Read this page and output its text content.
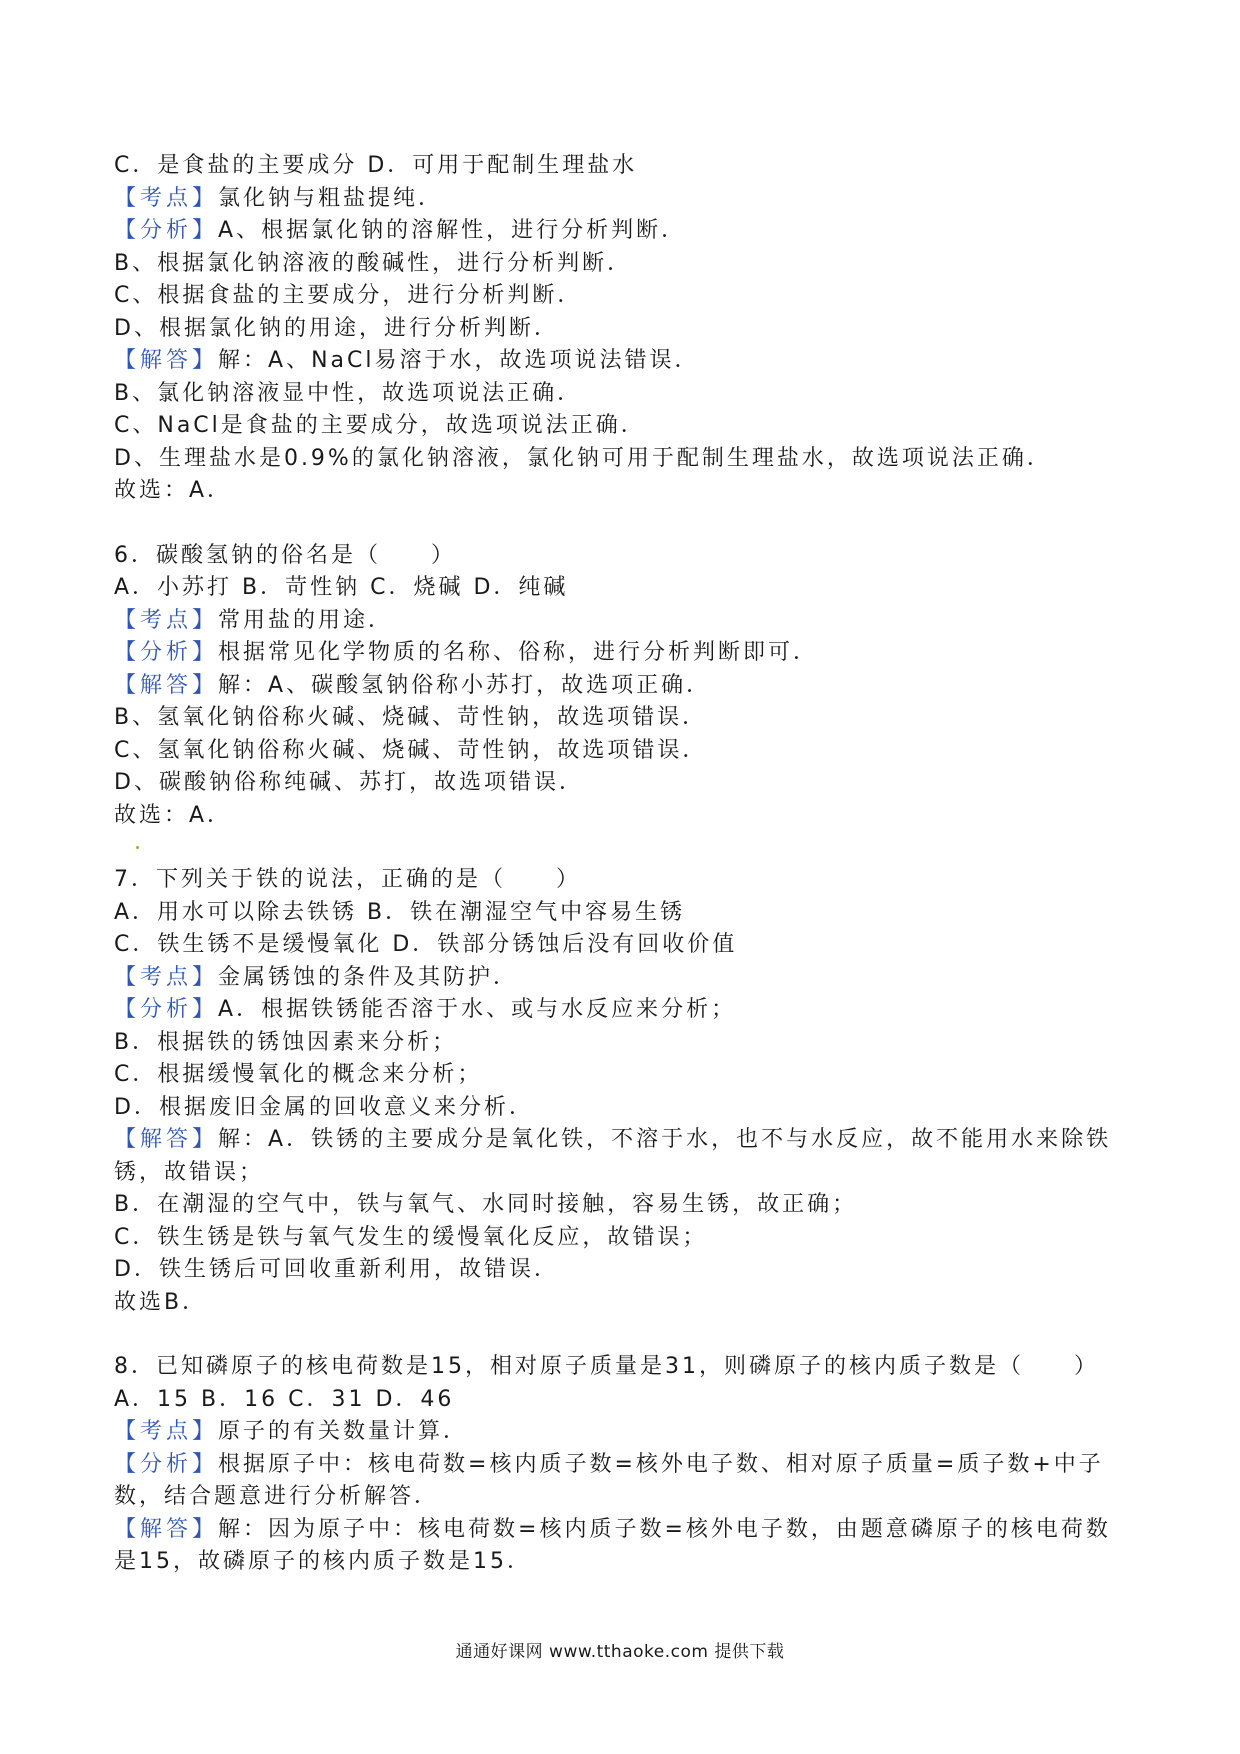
C．是食盐的主要成分 D．可用于配制生理盐水
【考点】氯化钠与粗盐提纯．
【分析】A、根据氯化钠的溶解性，进行分析判断．
B、根据氯化钠溶液的酸碱性，进行分析判断．
C、根据食盐的主要成分，进行分析判断．
D、根据氯化钠的用途，进行分析判断．
【解答】解：A、NaCl易溶于水，故选项说法错误．
B、氯化钠溶液显中性，故选项说法正确．
C、NaCl是食盐的主要成分，故选项说法正确．
D、生理盐水是0.9%的氯化钠溶液，氯化钠可用于配制生理盐水，故选项说法正确．
故选：A．
6．碳酸氢钠的俗名是（　　）
A．小苏打 B．苛性钠 C．烧碱 D．纯碱
【考点】常用盐的用途．
【分析】根据常见化学物质的名称、俗称，进行分析判断即可．
【解答】解：A、碳酸氢钠俗称小苏打，故选项正确．
B、氢氧化钠俗称火碱、烧碱、苛性钠，故选项错误．
C、氢氧化钠俗称火碱、烧碱、苛性钠，故选项错误．
D、碳酸钠俗称纯碱、苏打，故选项错误．
故选：A．
7．下列关于铁的说法，正确的是（　　）
A．用水可以除去铁锈 B．铁在潮湿空气中容易生锈
C．铁生锈不是缓慢氧化 D．铁部分锈蚀后没有回收价值
【考点】金属锈蚀的条件及其防护．
【分析】A．根据铁锈能否溶于水、或与水反应来分析；
B．根据铁的锈蚀因素来分析；
C．根据缓慢氧化的概念来分析；
D．根据废旧金属的回收意义来分析．
【解答】解：A．铁锈的主要成分是氧化铁，不溶于水，也不与水反应，故不能用水来除铁锈，故错误；
B．在潮湿的空气中，铁与氧气、水同时接触，容易生锈，故正确；
C．铁生锈是铁与氧气发生的缓慢氧化反应，故错误；
D．铁生锈后可回收重新利用，故错误．
故选B．
8．已知磷原子的核电荷数是15，相对原子质量是31，则磷原子的核内质子数是（　　）
A．15 B．16 C．31 D．46
【考点】原子的有关数量计算．
【分析】根据原子中：核电荷数=核内质子数=核外电子数、相对原子质量=质子数+中子数，结合题意进行分析解答．
【解答】解：因为原子中：核电荷数=核内质子数=核外电子数，由题意磷原子的核电荷数是15，故磷原子的核内质子数是15．
通通好课网 www.tthaoke.com 提供下载
